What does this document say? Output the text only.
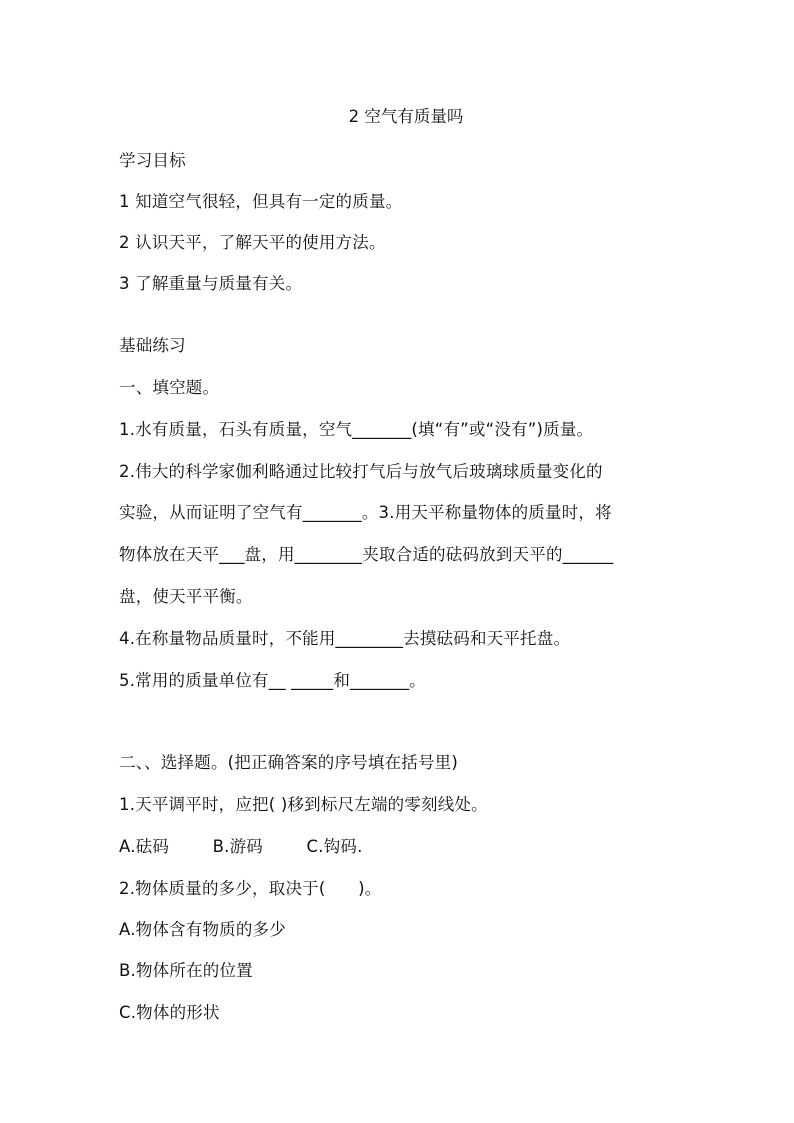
2 空气有质量吗
学习目标
1 知道空气很轻，但具有一定的质量。
2 认识天平，了解天平的使用方法。
3 了解重量与质量有关。
基础练习
一、填空题。
1.水有质量，石头有质量，空气_______(填“有”或“没有”)质量。
2.伟大的科学家伽利略通过比较打气后与放气后玻璃球质量变化的
实验，从而证明了空气有_______。3.用天平称量物体的质量时，将
物体放在天平___盘，用________夹取合适的砝码放到天平的______
盘，使天平平衡。
4.在称量物品质量时，不能用________去摸砝码和天平托盘。
5.常用的质量单位有__ _____和_______。
二、、选择题。(把正确答案的序号填在括号里)
1.天平调平时，应把( )移到标尺左端的零刻线处。
A.砝码        B.游码        C.钩码.
2.物体质量的多少，取决于(      )。
A.物体含有物质的多少
B.物体所在的位置
C.物体的形状
